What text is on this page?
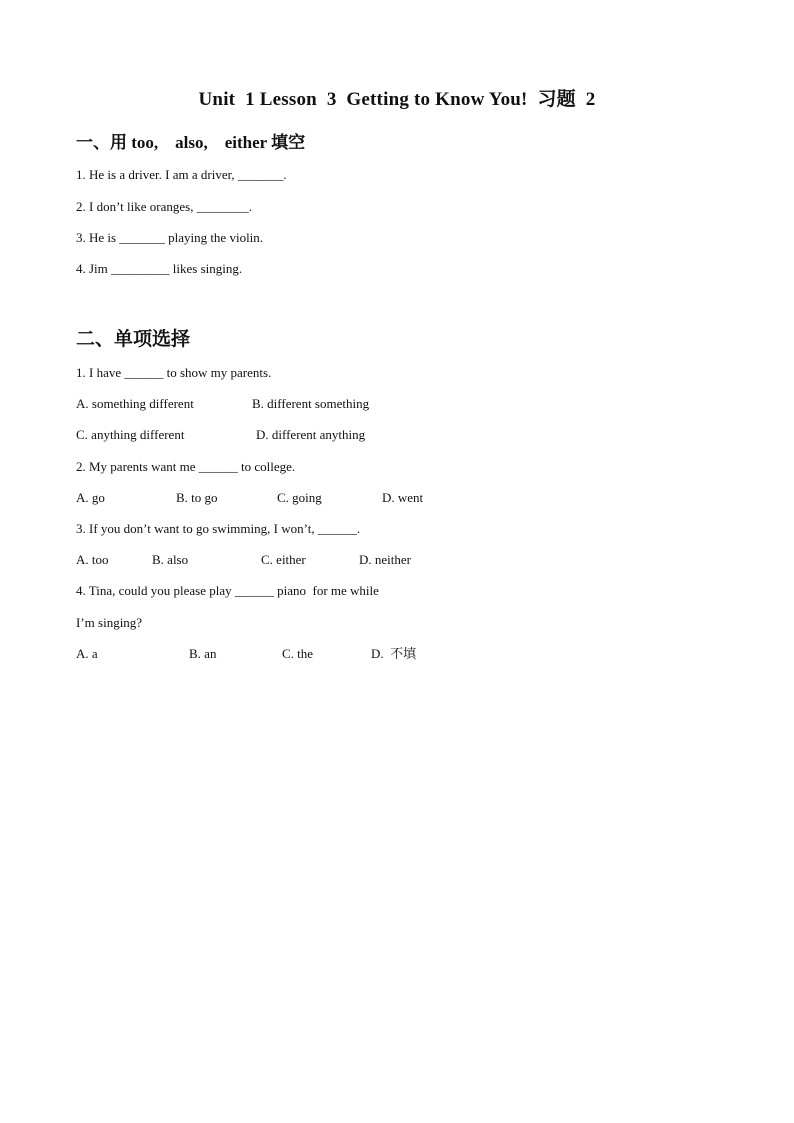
Unit  1 Lesson  3  Getting to Know You!  习题  2
一、用 too,    also,    either 填空
1. He is a driver. I am a driver, _______.
2. I don’t like oranges, ________.
3. He is _______ playing the violin.
4. Jim _________ likes singing.
二、单项选择
1. I have ______ to show my parents.
A. something different	B. different something
C. anything different	D. different anything
2. My parents want me ______ to college.
A. go	B. to go	C. going	D. went
3. If you don’t want to go swimming, I won’t, ______.
A. too	B. also	C. either	D. neither
4. Tina, could you please play ______ piano  for me while
I’m singing?
A. a	B. an	C. the	D.  不填
